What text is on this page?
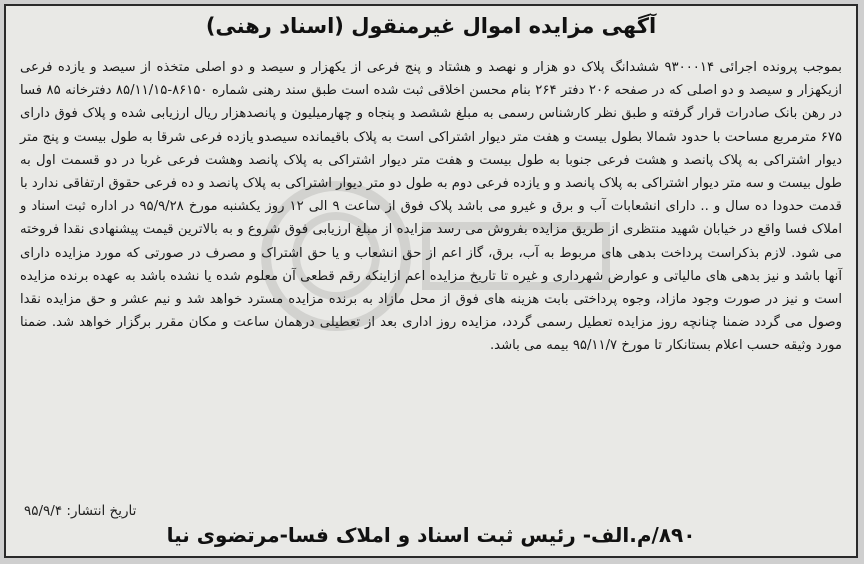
آگهی مزایده اموال غیرمنقول (اسناد رهنی)
بموجب پرونده اجرائی ۹۳۰۰۰۱۴ ششدانگ پلاک دو هزار و نهصد و هشتاد و پنج فرعی از یکهزار و سیصد و دو اصلی متخذه از سیصد و یازده فرعی ازیکهزار و سیصد و دو اصلی که در صفحه ۲۰۶ دفتر ۲۶۴ بنام محسن اخلاقی ثبت شده است طبق سند رهنی شماره ۸۶۱۵۰-۸۵/۱۱/۱۵ دفترخانه ۸۵ فسا در رهن بانک صادرات قرار گرفته و طبق نظر کارشناس رسمی به مبلغ ششصد و پنجاه و چهارمیلیون و پانصدهزار ریال ارزیابی شده و پلاک فوق دارای ۶۷۵ مترمربع مساحت با حدود شمالا بطول بیست و هفت متر دیوار اشتراکی است به پلاک باقیمانده سیصدو یازده فرعی شرقا به طول بیست و پنج متر دیوار اشتراکی به پلاک پانصد و هشت فرعی جنوبا به طول بیست و هفت متر دیوار اشتراکی به پلاک پانصد وهشت فرعی غربا در دو قسمت اول به طول بیست و سه متر دیوار اشتراکی به پلاک پانصد و و یازده فرعی دوم به طول دو متر دیوار اشتراکی به پلاک پانصد و ده فرعی حقوق ارتفاقی ندارد با قدمت حدودا ده سال و .. دارای انشعابات آب و برق و غیرو می باشد پلاک فوق از ساعت ۹ الی ۱۲ روز یکشنبه مورخ ۹۵/۹/۲۸ در اداره ثبت اسناد و املاک فسا واقع در خیابان شهید منتظری از طریق مزایده بفروش می رسد مزایده از مبلغ ارزیابی فوق شروع و به بالاترین قیمت پیشنهادی نقدا فروخته می شود. لازم بذکراست پرداخت بدهی های مربوط به آب، برق، گاز اعم از حق انشعاب و یا حق اشتراک و مصرف در صورتی که مورد مزایده دارای آنها باشد و نیز بدهی های مالیاتی و عوارض شهرداری و غیره تا تاریخ مزایده اعم ازاینکه رقم قطعی آن معلوم شده یا نشده باشد به عهده برنده مزایده است و نیز در صورت وجود مازاد، وجوه پرداختی بابت هزینه های فوق از محل مازاد به برنده مزایده مسترد خواهد شد و نیم عشر و حق مزایده نقدا وصول می گردد ضمنا چنانچه روز مزایده تعطیل رسمی گردد، مزایده روز اداری بعد از تعطیلی درهمان ساعت و مکان مقرر برگزار خواهد شد. ضمنا مورد وثیقه حسب اعلام بستانکار تا مورخ ۹۵/۱۱/۷ بیمه می باشد.
تاریخ انتشار: ۹۵/۹/۴
۸۹۰/م.الف- رئیس ثبت اسناد و املاک فسا-مرتضوی نیا
